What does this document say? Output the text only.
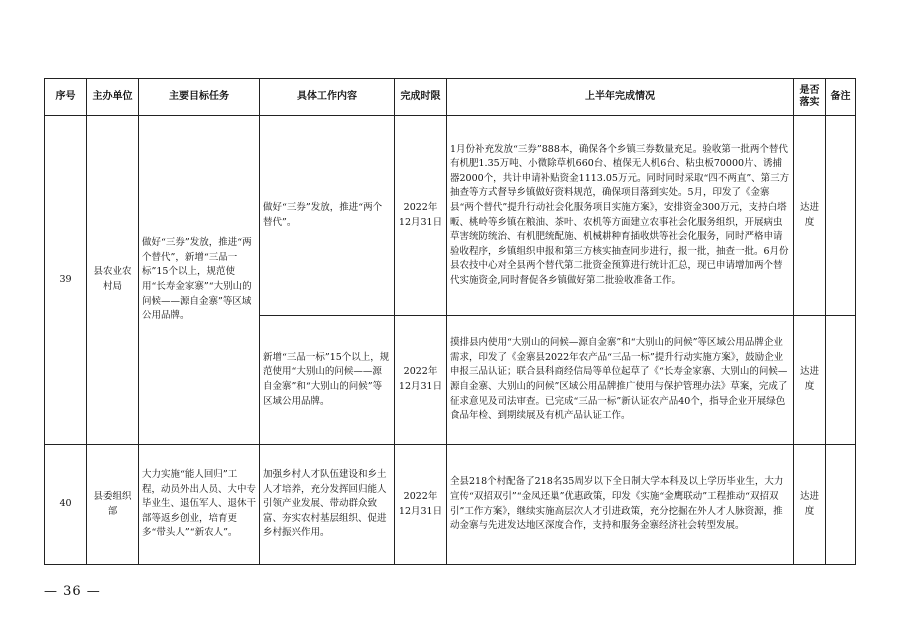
序号	主办单位	主要目标任务	具体工作内容	完成时限	上半年完成情况	是否落实	备注
39	县农业农村局	做好“三券”发放，推进“两个替代”，新增“三品一标”15个以上，规范使用“长寿金家寨”“大别山的问候——源自金寨”等区域公用品牌。	做好“三券”发放，推进“两个替代”。	2022年12月31日	1月份补充发放“三券”888本，确保各个乡镇三券数量充足。验收第一批两个替代有机肥1.35万吨、小微除草机660台、植保无人机6台、粘虫板70000片、诱捕器2000个，共计申请补贴资金1113.05万元。同时同时采取“四不两直”、第三方抽查等方式督导乡镇做好资料规范，确保项目落到实处。5月，印发了《金寨县“两个替代”提升行动社会化服务项目实施方案》，安排资金300万元，支持白塔畈、桃岭等乡镇在粮油、茶叶、农机等方面建立农事社会化服务组织，开展病虫草害统防统治、有机肥统配施、机械耕种育插收烘等社会化服务，同时严格申请验收程序，乡镇组织申报和第三方核实抽查同步进行，报一批，抽查一批。6月份县农技中心对全县两个替代第二批资金预算进行统计汇总，现已申请增加两个替代实施资金,同时督促各乡镇做好第二批验收准备工作。	达进度	
			新增“三品一标”15个以上，规范使用“大别山的问候——源自金寨”和“大别山的问候”等区域公用品牌。	2022年12月31日	摸排县内使用“大别山的问候—源自金寨”和“大别山的问候”等区域公用品牌企业需求，印发了《金寨县2022年农产品“三品一标”提升行动实施方案》，鼓励企业申报三品认证；联合县科商经信局等单位起草了《“长寿金家寨、大别山的问候—源自金寨、大别山的问候”区域公用品牌推广使用与保护管理办法》草案，完成了征求意见及司法审查。已完成“三品一标”新认证农产品40个，指导企业开展绿色食品年检、到期续展及有机产品认证工作。	达进度	
40	县委组织部	大力实施“能人回归”工程，动员外出人员、大中专毕业生、退伍军人、退休干部等返乡创业，培育更多“带头人”“新农人”。	加强乡村人才队伍建设和乡土人才培养，充分发挥回归能人引领产业发展、带动群众致富、夯实农村基层组织、促进乡村振兴作用。	2022年12月31日	全县218个村配备了218名35周岁以下全日制大学本科及以上学历毕业生，大力宣传“双招双引”“金凤还巢”优惠政策，印发《实施“金鹰联动”工程推动“双招双引”工作方案》，继续实施高层次人才引进政策，充分挖掘在外人才人脉资源，推动金寨与先进发达地区深度合作，支持和服务金寨经济社会转型发展。	达进度	
— 36 —
